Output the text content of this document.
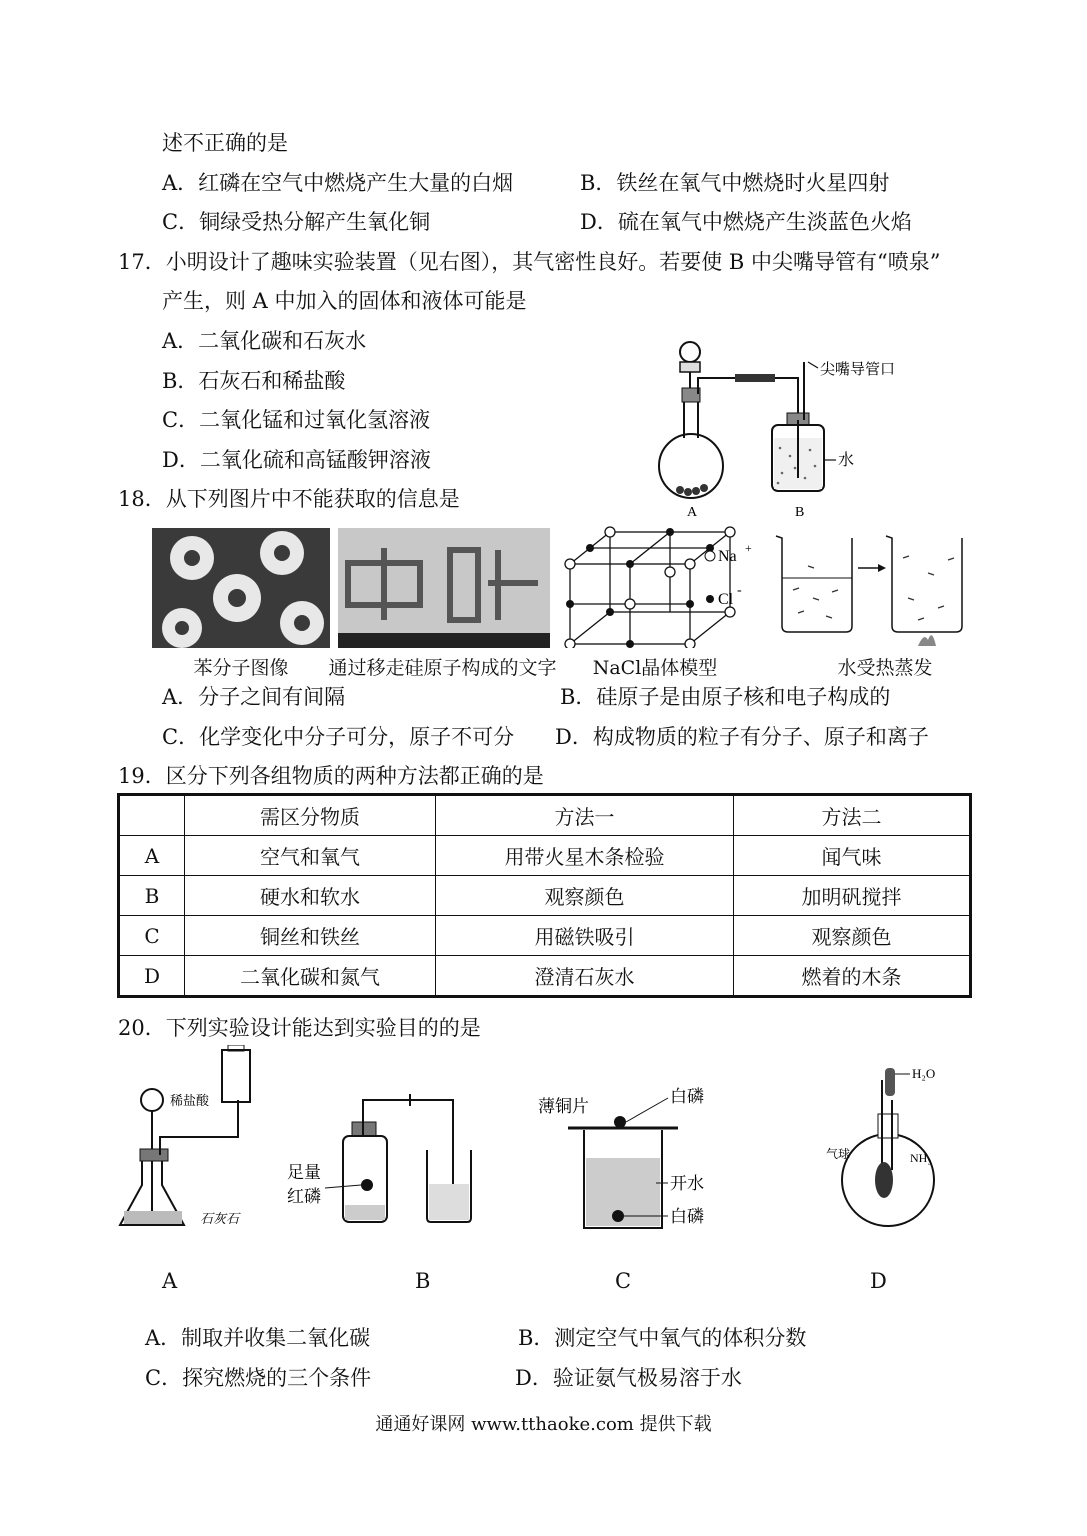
述不正确的是
A．红磷在空气中燃烧产生大量的白烟	B．铁丝在氧气中燃烧时火星四射
C．铜绿受热分解产生氧化铜	D．硫在氧气中燃烧产生淡蓝色火焰
17．小明设计了趣味实验装置（见右图），其气密性良好。若要使 B 中尖嘴导管有“喷泉”
产生，则 A 中加入的固体和液体可能是
A．二氧化碳和石灰水
B．石灰石和稀盐酸
C．二氧化锰和过氧化氢溶液
D．二氧化硫和高锰酸钾溶液
尖嘴导管口
水
A	B
18．从下列图片中不能获取的信息是
Na +
Cl
-
苯分子图像	通过移走硅原子构成的文字	NaCl晶体模型	水受热蒸发
A．分子之间有间隔	B．硅原子是由原子核和电子构成的
C．化学变化中分子可分，原子不可分 D．构成物质的粒子有分子、原子和离子
19．区分下列各组物质的两种方法都正确的是
	需区分物质	方法一	方法二
A	空气和氧气	用带火星木条检验	闻气味
B	硬水和软水	观察颜色	加明矾搅拌
C	铜丝和铁丝	用磁铁吸引	观察颜色
D	二氧化碳和氮气	澄清石灰水	燃着的木条
20．下列实验设计能达到实验目的的是
稀盐酸
石灰石
足量
红磷
薄铜片
白磷
开水
白磷
H₂O
气球	NH₃
A	B	C	D
A．制取并收集二氧化碳	B．测定空气中氧气的体积分数
C．探究燃烧的三个条件	D．验证氨气极易溶于水
通通好课网 www.tthaoke.com 提供下载
